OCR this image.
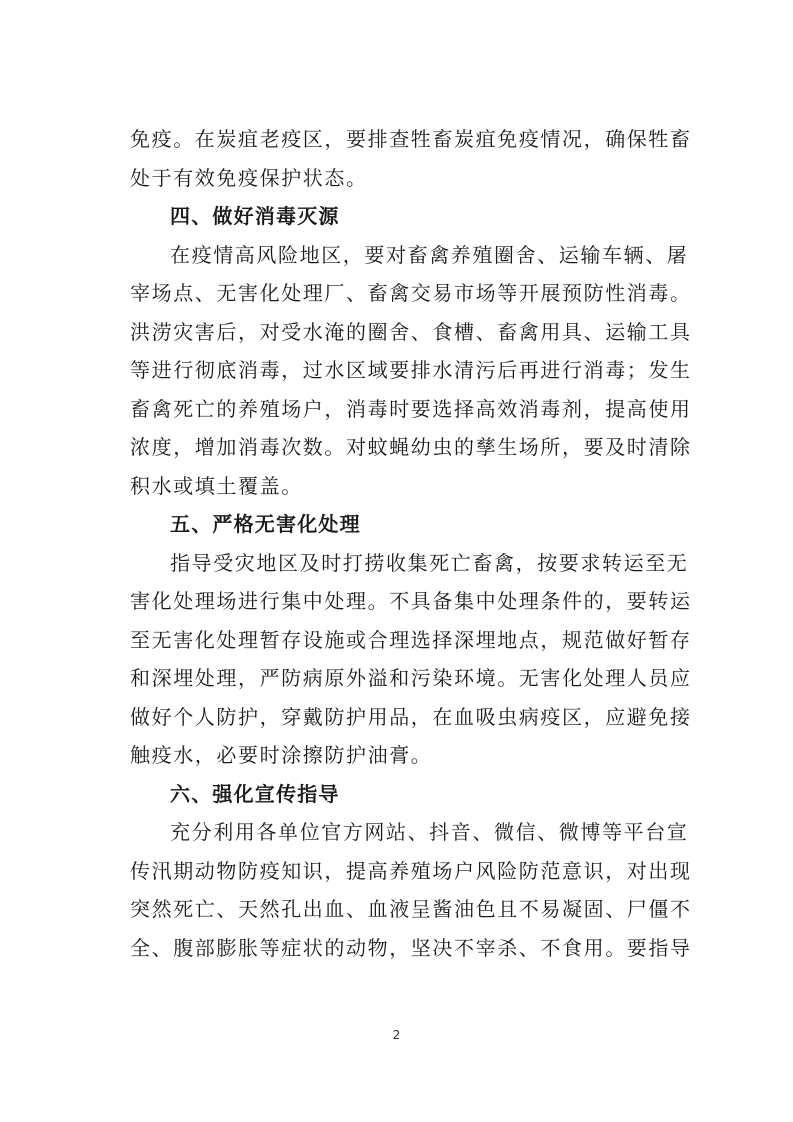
免疫。在炭疽老疫区，要排查牲畜炭疽免疫情况，确保牲畜
处于有效免疫保护状态。
四、做好消毒灭源
在疫情高风险地区，要对畜禽养殖圈舍、运输车辆、屠
宰场点、无害化处理厂、畜禽交易市场等开展预防性消毒。
洪涝灾害后，对受水淹的圈舍、食槽、畜禽用具、运输工具
等进行彻底消毒，过水区域要排水清污后再进行消毒；发生
畜禽死亡的养殖场户，消毒时要选择高效消毒剂，提高使用
浓度，增加消毒次数。对蚊蝇幼虫的孳生场所，要及时清除
积水或填土覆盖。
五、严格无害化处理
指导受灾地区及时打捞收集死亡畜禽，按要求转运至无
害化处理场进行集中处理。不具备集中处理条件的，要转运
至无害化处理暂存设施或合理选择深埋地点，规范做好暂存
和深埋处理，严防病原外溢和污染环境。无害化处理人员应
做好个人防护，穿戴防护用品，在血吸虫病疫区，应避免接
触疫水，必要时涂擦防护油膏。
六、强化宣传指导
充分利用各单位官方网站、抖音、微信、微博等平台宣
传汛期动物防疫知识，提高养殖场户风险防范意识，对出现
突然死亡、天然孔出血、血液呈酱油色且不易凝固、尸僵不
全、腹部膨胀等症状的动物，坚决不宰杀、不食用。要指导
2
